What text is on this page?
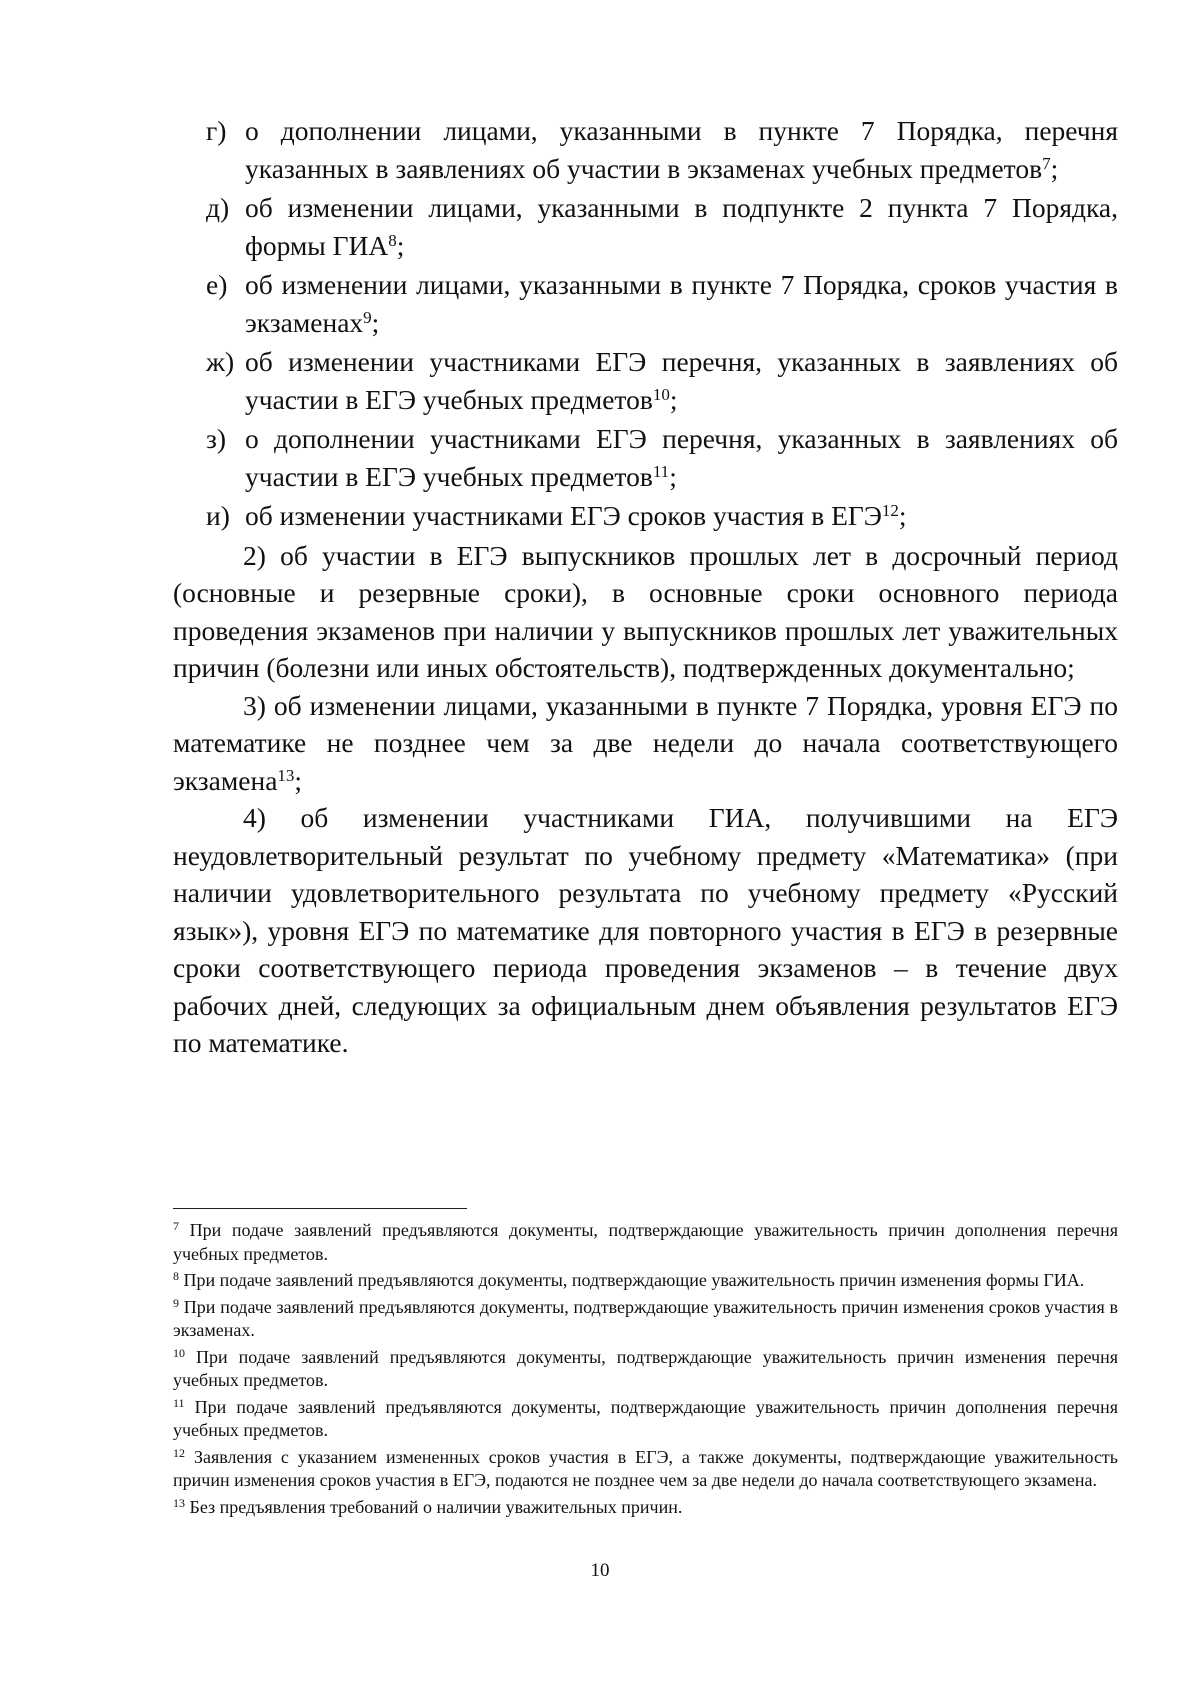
г) о дополнении лицами, указанными в пункте 7 Порядка, перечня указанных в заявлениях об участии в экзаменах учебных предметов$^7$;
д) об изменении лицами, указанными в подпункте 2 пункта 7 Порядка, формы ГИА$^8$;
е) об изменении лицами, указанными в пункте 7 Порядка, сроков участия в экзаменах$^9$;
ж) об изменении участниками ЕГЭ перечня, указанных в заявлениях об участии в ЕГЭ учебных предметов$^{10}$;
з) о дополнении участниками ЕГЭ перечня, указанных в заявлениях об участии в ЕГЭ учебных предметов$^{11}$;
и) об изменении участниками ЕГЭ сроков участия в ЕГЭ$^{12}$;

2) об участии в ЕГЭ выпускников прошлых лет в досрочный период (основные и резервные сроки), в основные сроки основного периода проведения экзаменов при наличии у выпускников прошлых лет уважительных причин (болезни или иных обстоятельств), подтвержденных документально;

3) об изменении лицами, указанными в пункте 7 Порядка, уровня ЕГЭ по математике не позднее чем за две недели до начала соответствующего экзамена$^{13}$;

4) об изменении участниками ГИА, получившими на ЕГЭ неудовлетворительный результат по учебному предмету «Математика» (при наличии удовлетворительного результата по учебному предмету «Русский язык»), уровня ЕГЭ по математике для повторного участия в ЕГЭ в резервные сроки соответствующего периода проведения экзаменов – в течение двух рабочих дней, следующих за официальным днем объявления результатов ЕГЭ по математике.

$^7$ При подаче заявлений предъявляются документы, подтверждающие уважительность причин дополнения перечня учебных предметов.

$^8$ При подаче заявлений предъявляются документы, подтверждающие уважительность причин изменения формы ГИА.

$^9$ При подаче заявлений предъявляются документы, подтверждающие уважительность причин изменения сроков участия в экзаменах.

$^{10}$ При подаче заявлений предъявляются документы, подтверждающие уважительность причин изменения перечня учебных предметов.

$^{11}$ При подаче заявлений предъявляются документы, подтверждающие уважительность причин дополнения перечня учебных предметов.

$^{12}$ Заявления с указанием измененных сроков участия в ЕГЭ, а также документы, подтверждающие уважительность причин изменения сроков участия в ЕГЭ, подаются не позднее чем за две недели до начала соответствующего экзамена.

$^{13}$ Без предъявления требований о наличии уважительных причин.

10
